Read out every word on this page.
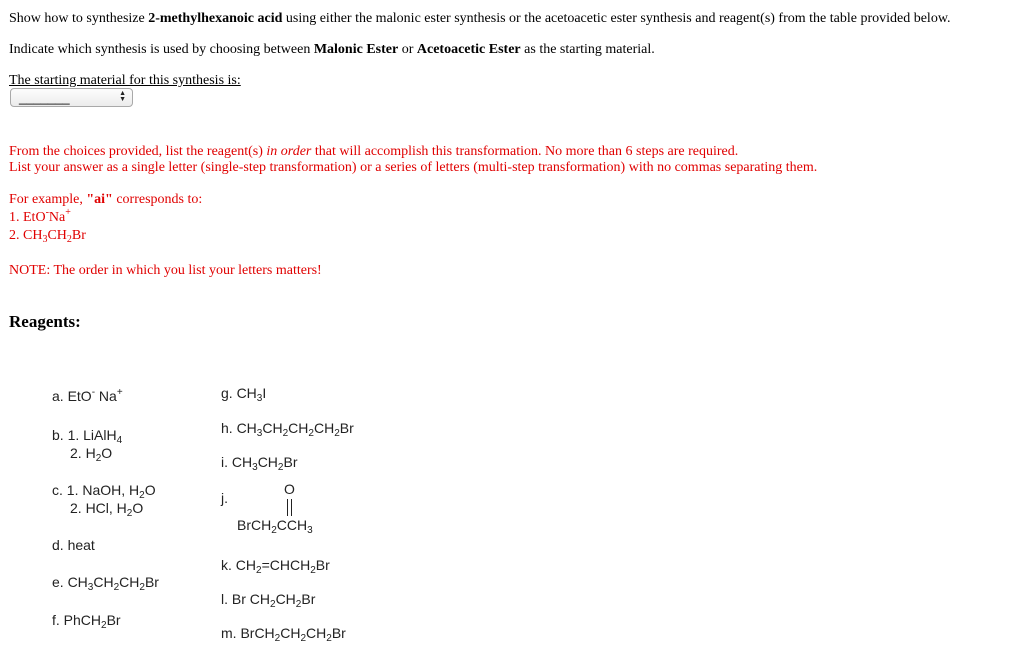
Show how to synthesize 2-methylhexanoic acid using either the malonic ester synthesis or the acetoacetic ester synthesis and reagent(s) from the table provided below.
Indicate which synthesis is used by choosing between Malonic Ester or Acetoacetic Ester as the starting material.
The starting material for this synthesis is:
_______	▲
▼
From the choices provided, list the reagent(s) in order that will accomplish this transformation. No more than 6 steps are required.
List your answer as a single letter (single-step transformation) or a series of letters (multi-step transformation) with no commas separating them.
For example, "ai" corresponds to:
1. EtO-Na+
2. $CH_3CH_2Br$
NOTE: The order in which you list your letters matters!
Reagents:
a. EtO- Na+
b. 1. LiAlH$_4$
2. $H_2O$
c. 1. NaOH, $H_2O$
2. HCl, $H_2O$
d. heat
e. $CH_3CH_2CH_2Br$
f. PhCH$_2$Br
g. $CH_3I$
h. $CH_3CH_2CH_2CH_2Br$
i. $CH_3CH_2Br$
j.
O
$BrCH_2CCH_3$
k. $CH_2=CHCH_2Br$
l. Br $CH_2CH_2Br$
m. $BrCH_2CH_2CH_2Br$
